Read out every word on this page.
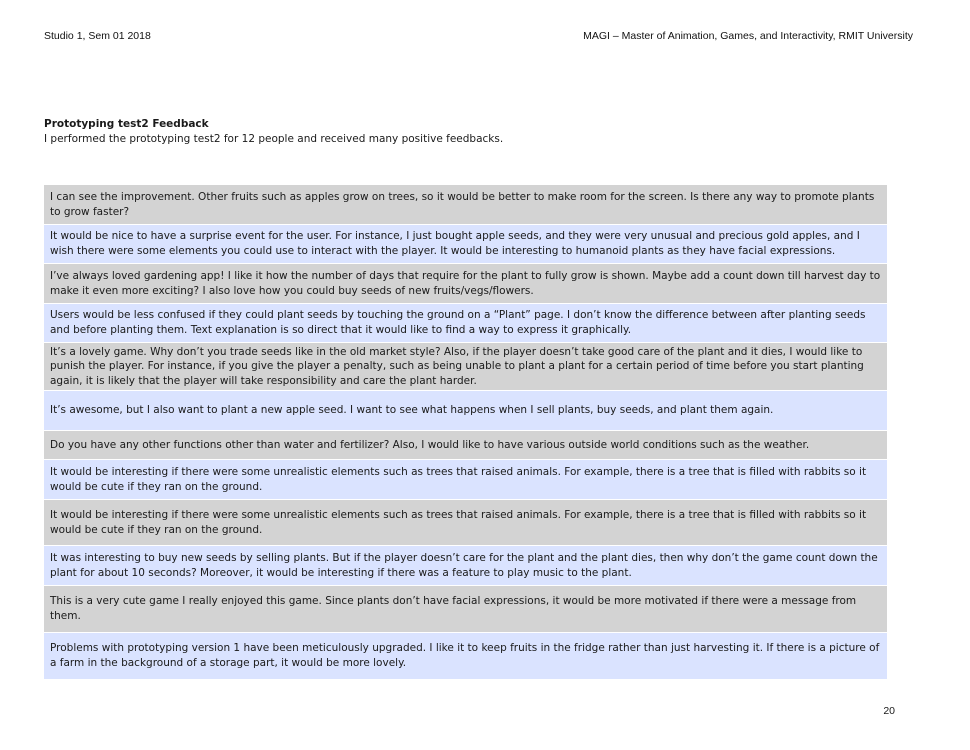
Studio 1, Sem 01 2018	MAGI – Master of Animation, Games, and Interactivity, RMIT University
Prototyping test2 Feedback
I performed the prototyping test2 for 12 people and received many positive feedbacks.
I can see the improvement. Other fruits such as apples grow on trees, so it would be better to make room for the screen. Is there any way to promote plants to grow faster?
It would be nice to have a surprise event for the user. For instance, I just bought apple seeds, and they were very unusual and precious gold apples, and I wish there were some elements you could use to interact with the player. It would be interesting to humanoid plants as they have facial expressions.
I’ve always loved gardening app! I like it how the number of days that require for the plant to fully grow is shown. Maybe add a count down till harvest day to make it even more exciting? I also love how you could buy seeds of new fruits/vegs/flowers.
Users would be less confused if they could plant seeds by touching the ground on a “Plant” page. I don’t know the difference between after planting seeds and before planting them. Text explanation is so direct that it would like to find a way to express it graphically.
It’s a lovely game. Why don’t you trade seeds like in the old market style? Also, if the player doesn’t take good care of the plant and it dies, I would like to punish the player. For instance, if you give the player a penalty, such as being unable to plant a plant for a certain period of time before you start planting again, it is likely that the player will take responsibility and care the plant harder.
It’s awesome, but I also want to plant a new apple seed. I want to see what happens when I sell plants, buy seeds, and plant them again.
Do you have any other functions other than water and fertilizer? Also, I would like to have various outside world conditions such as the weather.
It would be interesting if there were some unrealistic elements such as trees that raised animals. For example, there is a tree that is filled with rabbits so it would be cute if they ran on the ground.
It would be interesting if there were some unrealistic elements such as trees that raised animals. For example, there is a tree that is filled with rabbits so it would be cute if they ran on the ground.
It was interesting to buy new seeds by selling plants. But if the player doesn’t care for the plant and the plant dies, then why don’t the game count down the plant for about 10 seconds? Moreover, it would be interesting if there was a feature to play music to the plant.
This is a very cute game I really enjoyed this game. Since plants don’t have facial expressions, it would be more motivated if there were a message from them.
Problems with prototyping version 1 have been meticulously upgraded. I like it to keep fruits in the fridge rather than just harvesting it. If there is a picture of a farm in the background of a storage part, it would be more lovely.
20
